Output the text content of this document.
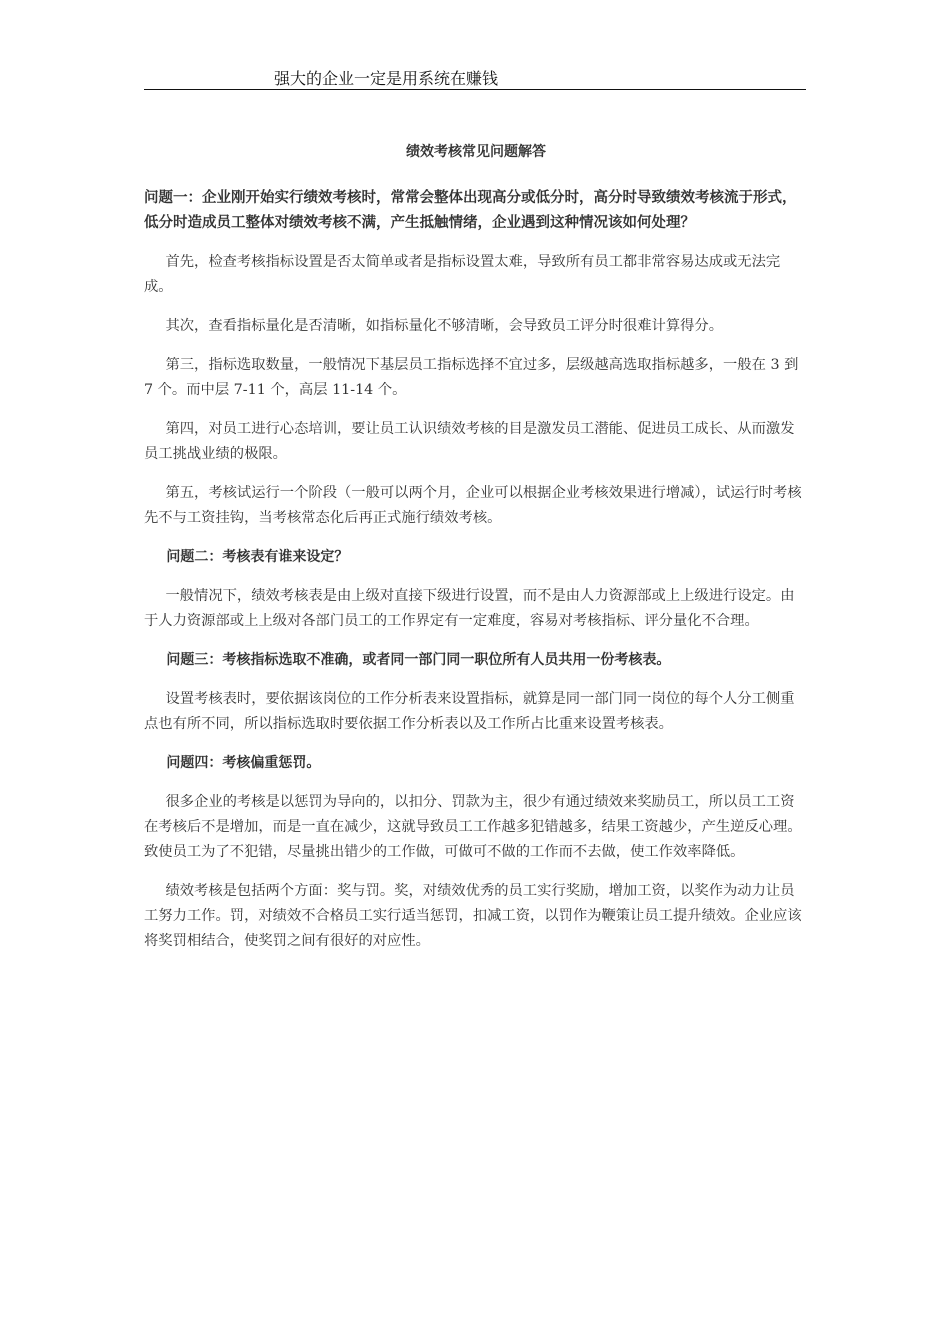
强大的企业一定是用系统在赚钱
绩效考核常见问题解答
问题一：企业刚开始实行绩效考核时，常常会整体出现高分或低分时，高分时导致绩效考核流于形式，低分时造成员工整体对绩效考核不满，产生抵触情绪，企业遇到这种情况该如何处理？
首先，检查考核指标设置是否太简单或者是指标设置太难，导致所有员工都非常容易达成或无法完成。
其次，查看指标量化是否清晰，如指标量化不够清晰，会导致员工评分时很难计算得分。
第三，指标选取数量，一般情况下基层员工指标选择不宜过多，层级越高选取指标越多，一般在 3 到 7 个。而中层 7-11 个，高层 11-14 个。
第四，对员工进行心态培训，要让员工认识绩效考核的目是激发员工潜能、促进员工成长、从而激发员工挑战业绩的极限。
第五，考核试运行一个阶段（一般可以两个月，企业可以根据企业考核效果进行增减），试运行时考核先不与工资挂钩，当考核常态化后再正式施行绩效考核。
问题二：考核表有谁来设定？
一般情况下，绩效考核表是由上级对直接下级进行设置，而不是由人力资源部或上上级进行设定。由于人力资源部或上上级对各部门员工的工作界定有一定难度，容易对考核指标、评分量化不合理。
问题三：考核指标选取不准确，或者同一部门同一职位所有人员共用一份考核表。
设置考核表时，要依据该岗位的工作分析表来设置指标，就算是同一部门同一岗位的每个人分工侧重点也有所不同，所以指标选取时要依据工作分析表以及工作所占比重来设置考核表。
问题四：考核偏重惩罚。
很多企业的考核是以惩罚为导向的，以扣分、罚款为主，很少有通过绩效来奖励员工，所以员工工资在考核后不是增加，而是一直在减少，这就导致员工工作越多犯错越多，结果工资越少，产生逆反心理。致使员工为了不犯错，尽量挑出错少的工作做，可做可不做的工作而不去做，使工作效率降低。
绩效考核是包括两个方面：奖与罚。奖，对绩效优秀的员工实行奖励，增加工资，以奖作为动力让员工努力工作。罚，对绩效不合格员工实行适当惩罚，扣减工资，以罚作为鞭策让员工提升绩效。企业应该将奖罚相结合，使奖罚之间有很好的对应性。
